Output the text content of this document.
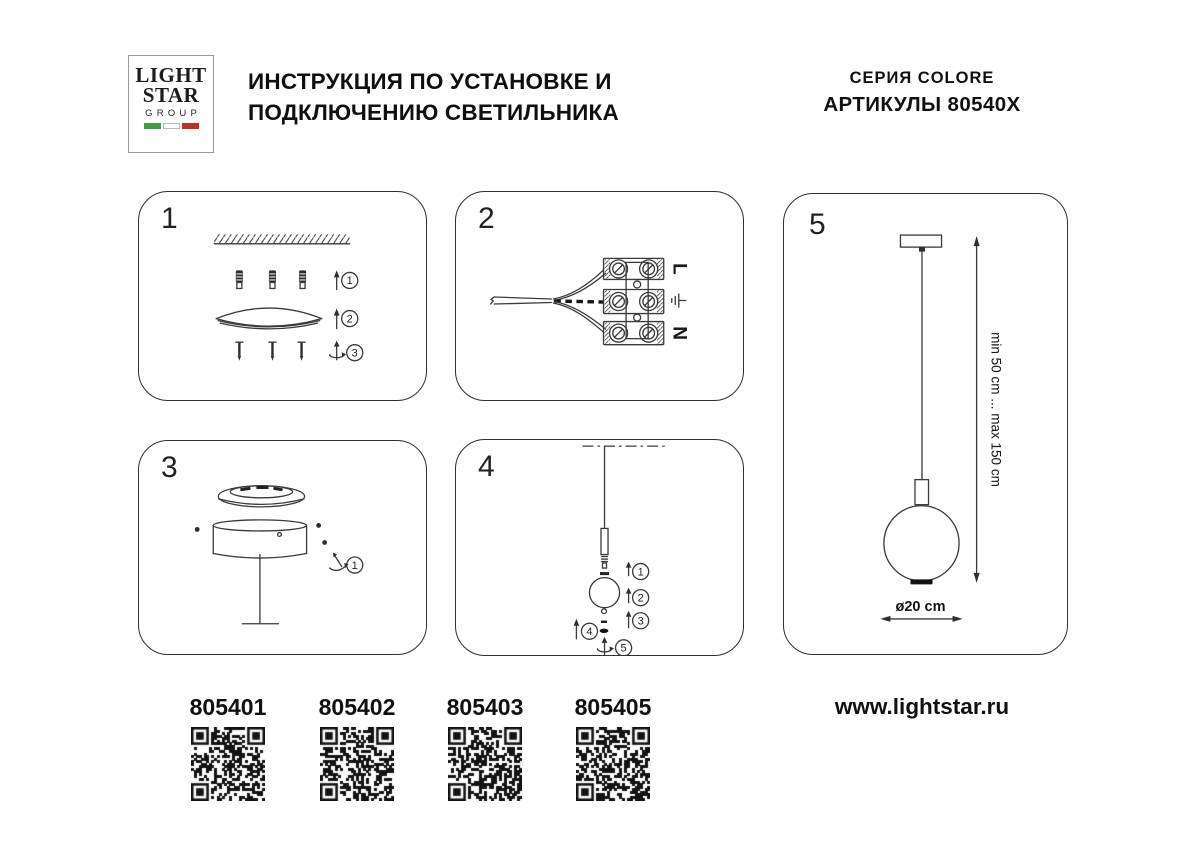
LIGHT
STAR
GROUP
ИНСТРУКЦИЯ ПО УСТАНОВКЕ И
ПОДКЛЮЧЕНИЮ СВЕТИЛЬНИКА
СЕРИЯ COLORE
АРТИКУЛЫ 80540X
1
1
2
3
2
L
N
3
1
4
4
5
1
2
3
5
min 50 cm ... max 150 cm
ø20 cm
805401	805402	805403	805405	www.lightstar.ru
